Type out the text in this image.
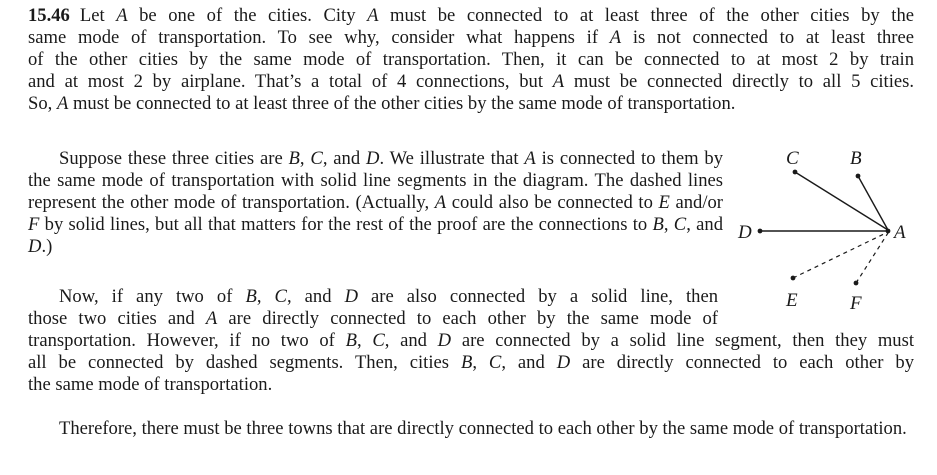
15.46 Let A be one of the cities. City A must be connected to at least three of the other cities by the
same mode of transportation. To see why, consider what happens if A is not connected to at least three
of the other cities by the same mode of transportation. Then, it can be connected to at most 2 by train
and at most 2 by airplane. That’s a total of 4 connections, but A must be connected directly to all 5 cities.
So, A must be connected to at least three of the other cities by the same mode of transportation.

Suppose these three cities are B, C, and D. We illustrate that A is connected to them by the same mode of transportation with solid line segments in the diagram. The dashed lines represent the other mode of transportation. (Actually, A could also be connected to E and/or F by solid lines, but all that matters for the rest of the proof are the connections to B, C, and D.)

Now, if any two of B, C, and D are also connected by a solid line, then
those two cities and A are directly connected to each other by the same mode of
transportation. However, if no two of B, C, and D are connected by a solid line segment, then they must
all be connected by dashed segments. Then, cities B, C, and D are directly connected to each other by
the same mode of transportation.

Therefore, there must be three towns that are directly connected to each other by the same mode of transportation.

C	B
D	A
E	F
